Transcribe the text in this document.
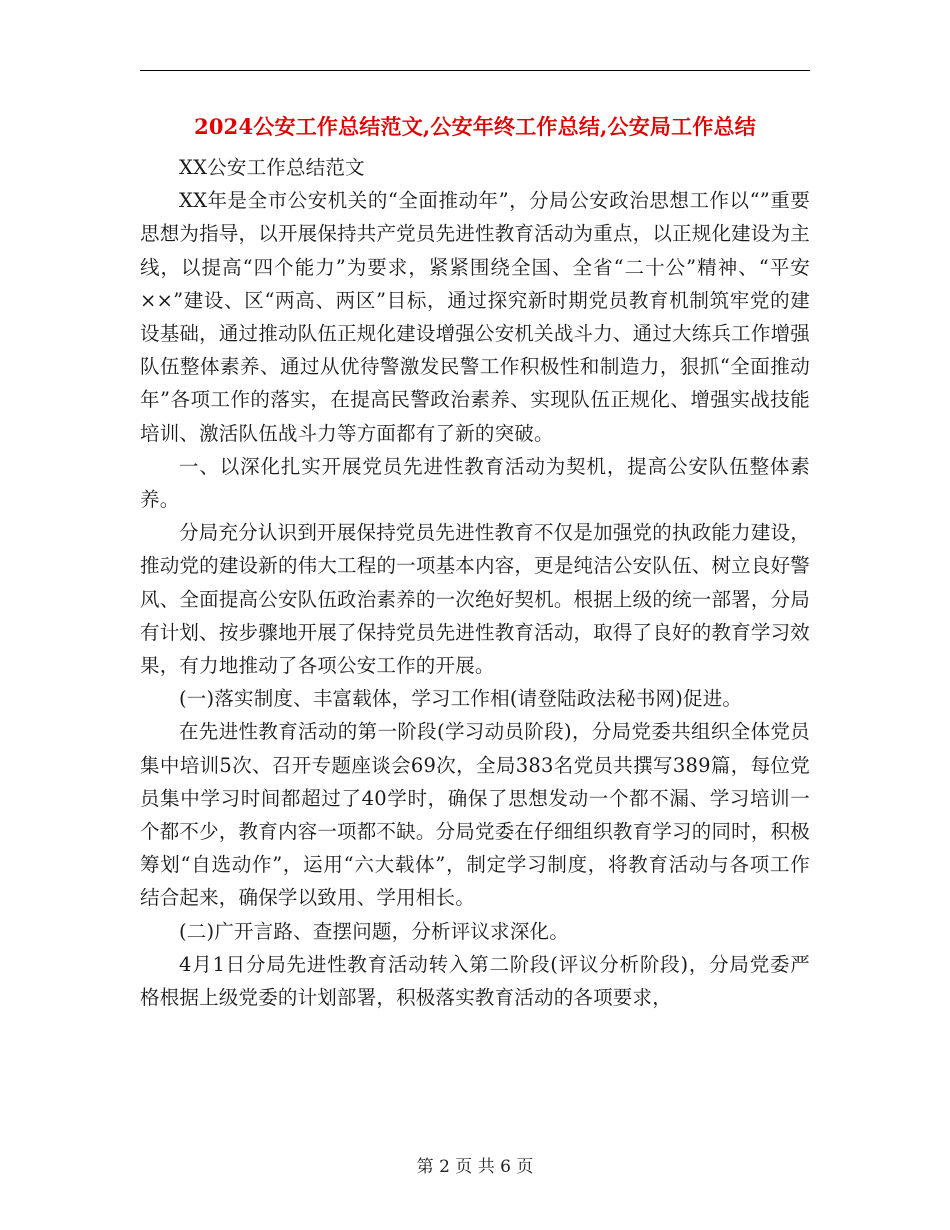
2024公安工作总结范文,公安年终工作总结,公安局工作总结

XX公安工作总结范文

XX年是全市公安机关的“全面推动年”，分局公安政治思想工作以“”重要思想为指导，以开展保持共产党员先进性教育活动为重点，以正规化建设为主线，以提高“四个能力”为要求，紧紧围绕全国、全省“二十公”精神、“平安××”建设、区“两高、两区”目标，通过探究新时期党员教育机制筑牢党的建设基础，通过推动队伍正规化建设增强公安机关战斗力、通过大练兵工作增强队伍整体素养、通过从优待警激发民警工作积极性和制造力，狠抓“全面推动年”各项工作的落实，在提高民警政治素养、实现队伍正规化、增强实战技能培训、激活队伍战斗力等方面都有了新的突破。

一、以深化扎实开展党员先进性教育活动为契机，提高公安队伍整体素养。

分局充分认识到开展保持党员先进性教育不仅是加强党的执政能力建设，推动党的建设新的伟大工程的一项基本内容，更是纯洁公安队伍、树立良好警风、全面提高公安队伍政治素养的一次绝好契机。根据上级的统一部署，分局有计划、按步骤地开展了保持党员先进性教育活动，取得了良好的教育学习效果，有力地推动了各项公安工作的开展。

(一)落实制度、丰富载体，学习工作相(请登陆政法秘书网)促进。

在先进性教育活动的第一阶段(学习动员阶段)，分局党委共组织全体党员集中培训5次、召开专题座谈会69次，全局383名党员共撰写389篇，每位党员集中学习时间都超过了40学时，确保了思想发动一个都不漏、学习培训一个都不少，教育内容一项都不缺。分局党委在仔细组织教育学习的同时，积极筹划“自选动作”，运用“六大载体”，制定学习制度，将教育活动与各项工作结合起来，确保学以致用、学用相长。

(二)广开言路、查摆问题，分析评议求深化。

4月1日分局先进性教育活动转入第二阶段(评议分析阶段)，分局党委严格根据上级党委的计划部署，积极落实教育活动的各项要求，

第 2 页 共 6 页
